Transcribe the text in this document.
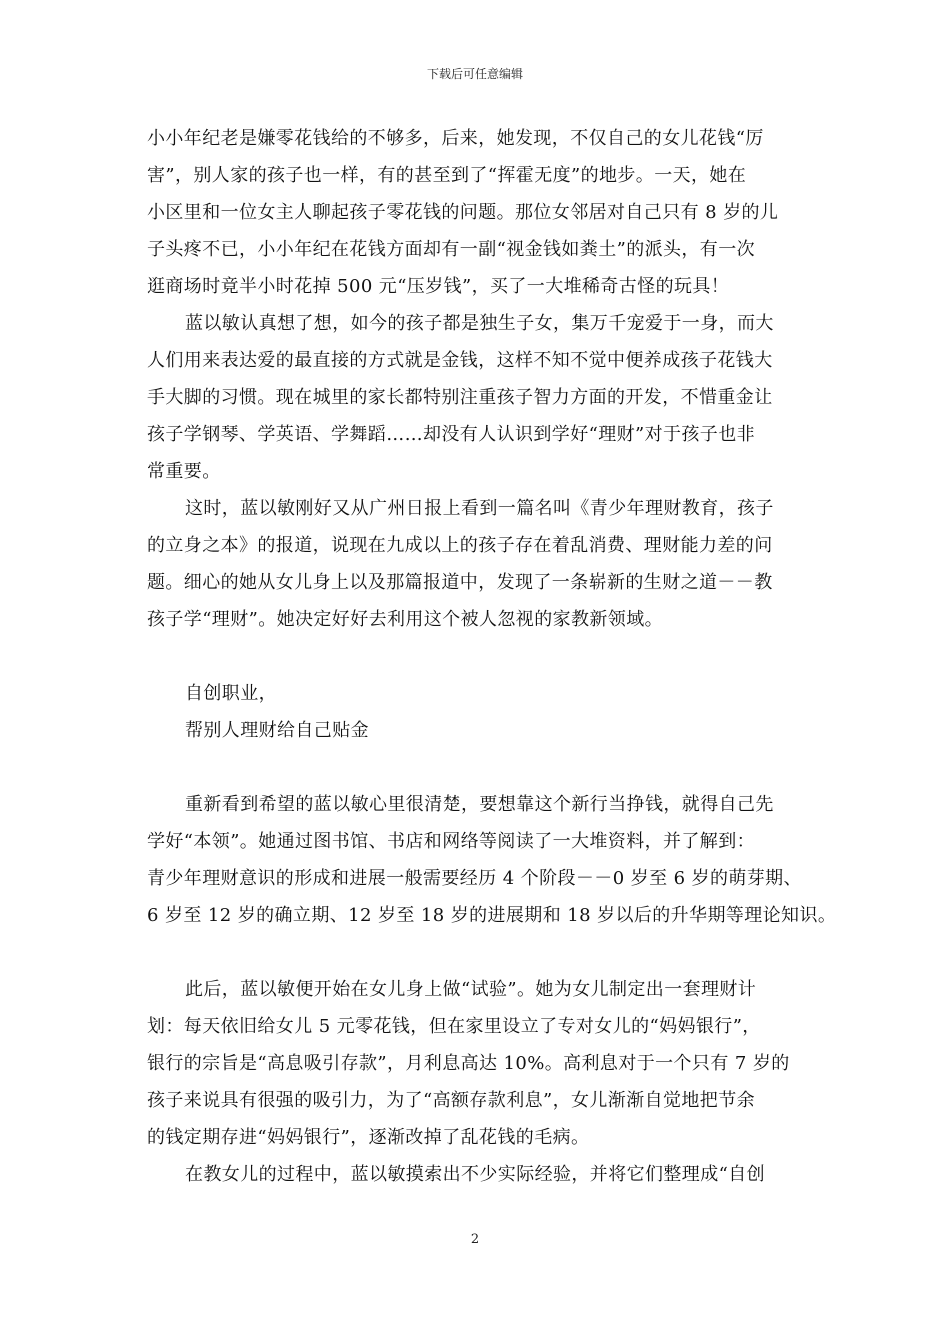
下载后可任意编辑
小小年纪老是嫌零花钱给的不够多，后来，她发现，不仅自己的女儿花钱“厉
害”，别人家的孩子也一样，有的甚至到了“挥霍无度”的地步。一天，她在
小区里和一位女主人聊起孩子零花钱的问题。那位女邻居对自己只有 8 岁的儿
子头疼不已，小小年纪在花钱方面却有一副“视金钱如粪土”的派头，有一次
逛商场时竟半小时花掉 500 元“压岁钱”，买了一大堆稀奇古怪的玩具！
蓝以敏认真想了想，如今的孩子都是独生子女，集万千宠爱于一身，而大
人们用来表达爱的最直接的方式就是金钱，这样不知不觉中便养成孩子花钱大
手大脚的习惯。现在城里的家长都特别注重孩子智力方面的开发，不惜重金让
孩子学钢琴、学英语、学舞蹈……却没有人认识到学好“理财”对于孩子也非
常重要。
这时，蓝以敏刚好又从广州日报上看到一篇名叫《青少年理财教育，孩子
的立身之本》的报道，说现在九成以上的孩子存在着乱消费、理财能力差的问
题。细心的她从女儿身上以及那篇报道中，发现了一条崭新的生财之道－－教
孩子学“理财”。她决定好好去利用这个被人忽视的家教新领域。
自创职业，
帮别人理财给自己贴金
重新看到希望的蓝以敏心里很清楚，要想靠这个新行当挣钱，就得自己先
学好“本领”。她通过图书馆、书店和网络等阅读了一大堆资料，并了解到：
青少年理财意识的形成和进展一般需要经历 4 个阶段－－0 岁至 6 岁的萌芽期、
6 岁至 12 岁的确立期、12 岁至 18 岁的进展期和 18 岁以后的升华期等理论知识。
此后，蓝以敏便开始在女儿身上做“试验”。她为女儿制定出一套理财计
划：每天依旧给女儿 5 元零花钱，但在家里设立了专对女儿的“妈妈银行”，
银行的宗旨是“高息吸引存款”，月利息高达 10%。高利息对于一个只有 7 岁的
孩子来说具有很强的吸引力，为了“高额存款利息”，女儿渐渐自觉地把节余
的钱定期存进“妈妈银行”，逐渐改掉了乱花钱的毛病。
在教女儿的过程中，蓝以敏摸索出不少实际经验，并将它们整理成“自创
2
